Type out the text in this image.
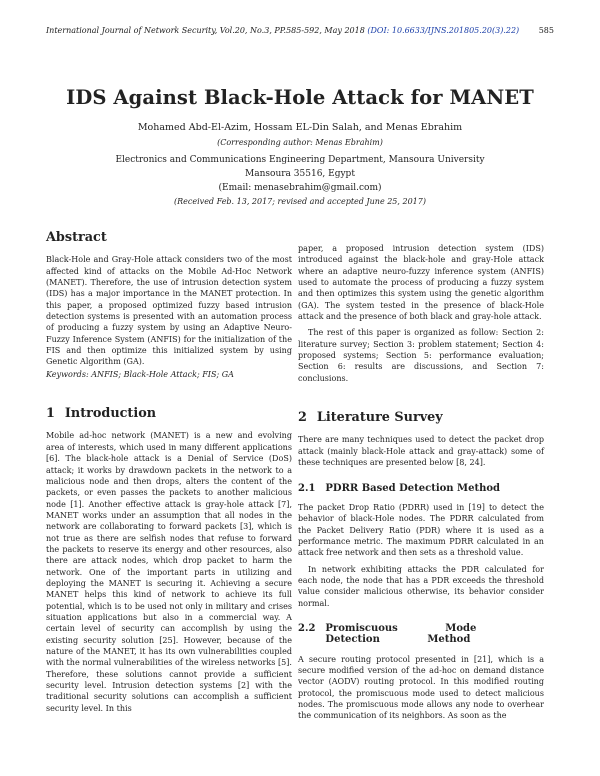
International Journal of Network Security, Vol.20, No.3, PP.585-592, May 2018 (DOI: 10.6633/IJNS.201805.20(3).22) 585
IDS Against Black-Hole Attack for MANET
Mohamed Abd-El-Azim, Hossam EL-Din Salah, and Menas Ebrahim
(Corresponding author: Menas Ebrahim)
Electronics and Communications Engineering Department, Mansoura University
Mansoura 35516, Egypt
(Email: menasebrahim@gmail.com)
(Received Feb. 13, 2017; revised and accepted June 25, 2017)
Abstract

Black-Hole and Gray-Hole attack considers two of the most affected kind of attacks on the Mobile Ad-Hoc Network (MANET). Therefore, the use of intrusion detection system (IDS) has a major importance in the MANET protection. In this paper, a proposed optimized fuzzy based intrusion detection systems is presented with an automation process of producing a fuzzy system by using an Adaptive Neuro-Fuzzy Inference System (ANFIS) for the initialization of the FIS and then optimize this initialized system by using Genetic Algorithm (GA).

Keywords: ANFIS; Black-Hole Attack; FIS; GA

1 Introduction

Mobile ad-hoc network (MANET) is a new and evolving area of interests, which used in many different applications [6]. The black-hole attack is a Denial of Service (DoS) attack; it works by drawdown packets in the network to a malicious node and then drops, alters the content of the packets, or even passes the packets to another malicious node [1]. Another effective attack is gray-hole attack [7], MANET works under an assumption that all nodes in the network are collaborating to forward packets [3], which is not true as there are selfish nodes that refuse to forward the packets to reserve its energy and other resources, also there are attack nodes, which drop packet to harm the network. One of the important parts in utilizing and deploying the MANET is securing it. Achieving a secure MANET helps this kind of network to achieve its full potential, which is to be used not only in military and crises situation applications but also in a commercial way. A certain level of security can accomplish by using the existing security solution [25]. However, because of the nature of the MANET, it has its own vulnerabilities coupled with the normal vulnerabilities of the wireless networks [5]. Therefore, these solutions cannot provide a sufficient security level. Intrusion detection systems [2] with the traditional security solutions can accomplish a sufficient security level. In this

paper, a proposed intrusion detection system (IDS) introduced against the black-hole and gray-Hole attack where an adaptive neuro-fuzzy inference system (ANFIS) used to automate the process of producing a fuzzy system and then optimizes this system using the genetic algorithm (GA). The system tested in the presence of black-Hole attack and the presence of both black and gray-hole attack.

The rest of this paper is organized as follow: Section 2: literature survey; Section 3: problem statement; Section 4: proposed systems; Section 5: performance evaluation; Section 6: results are discussions, and Section 7: conclusions.

2 Literature Survey

There are many techniques used to detect the packet drop attack (mainly black-Hole attack and gray-attack) some of these techniques are presented below [8, 24].

2.1 PDRR Based Detection Method

The packet Drop Ratio (PDRR) used in [19] to detect the behavior of black-Hole nodes. The PDRR calculated from the Packet Delivery Ratio (PDR) where it is used as a performance metric. The maximum PDRR calculated in an attack free network and then sets as a threshold value.

In network exhibiting attacks the PDR calculated for each node, the node that has a PDR exceeds the threshold value consider malicious otherwise, its behavior consider normal.

2.2 Promiscuous Mode Detection Method

A secure routing protocol presented in [21], which is a secure modified version of the ad-hoc on demand distance vector (AODV) routing protocol. In this modified routing protocol, the promiscuous mode used to detect malicious nodes. The promiscuous mode allows any node to overhear the communication of its neighbors. As soon as the
